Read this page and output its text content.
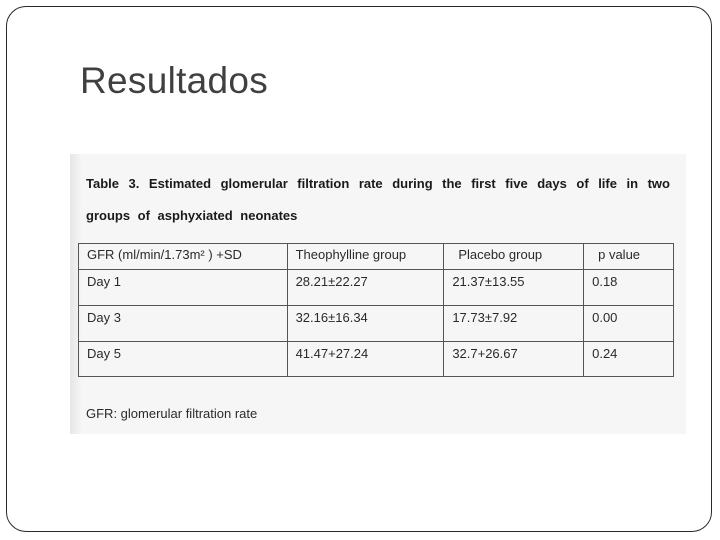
Resultados
Table 3. Estimated glomerular filtration rate during the first five days of life in two groups of asphyxiated neonates
GFR (ml/min/1.73m² ) +SD	Theophylline group	Placebo group	p value
Day 1	28.21±22.27	21.37±13.55	0.18
Day 3	32.16±16.34	17.73±7.92	0.00
Day 5	41.47+27.24	32.7+26.67	0.24
GFR: glomerular filtration rate
